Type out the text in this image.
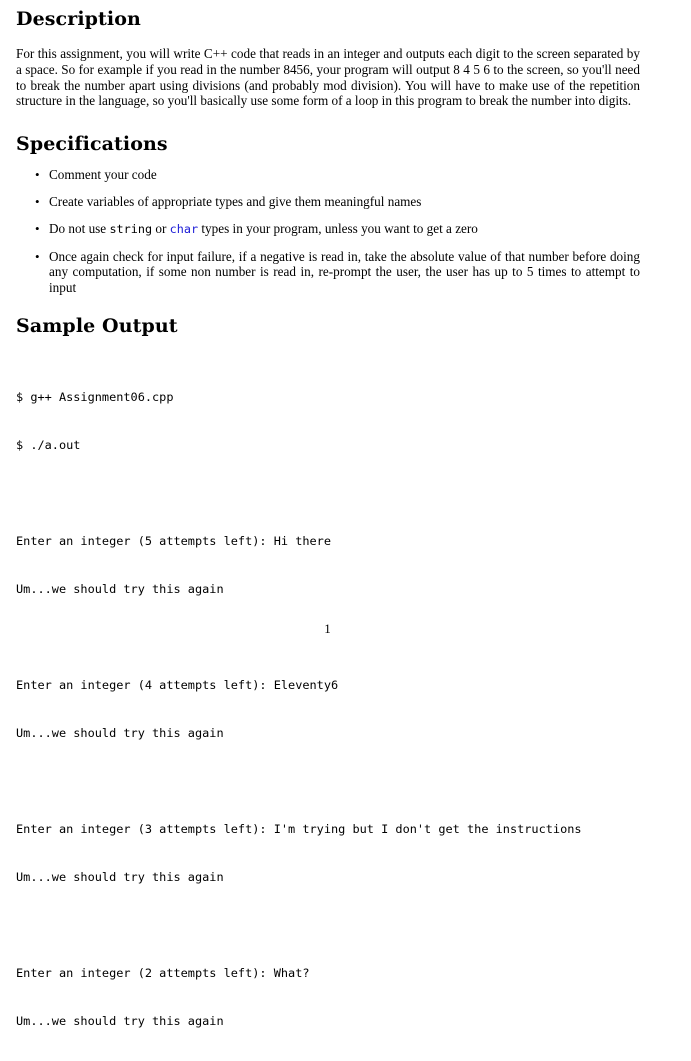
Description

For this assignment, you will write C++ code that reads in an integer and outputs each digit to the screen separated by a space. So for example if you read in the number 8456, your program will output 8 4 5 6 to the screen, so you'll need to break the number apart using divisions (and probably mod division). You will have to make use of the repetition structure in the language, so you'll basically use some form of a loop in this program to break the number into digits.

Specifications
• Comment your code
• Create variables of appropriate types and give them meaningful names
• Do not use string or char types in your program, unless you want to get a zero
• Once again check for input failure, if a negative is read in, take the absolute value of that number before doing any computation, if some non number is read in, re-prompt the user, the user has up to 5 times to attempt to input
Sample Output

$ g++ Assignment06.cpp

$ ./a.out

Enter an integer (5 attempts left): Hi there

Um...we should try this again

Enter an integer (4 attempts left): Eleventy6

Um...we should try this again

Enter an integer (3 attempts left): I'm trying but I don't get the instructions

Um...we should try this again

Enter an integer (2 attempts left): What?

Um...we should try this again

1
